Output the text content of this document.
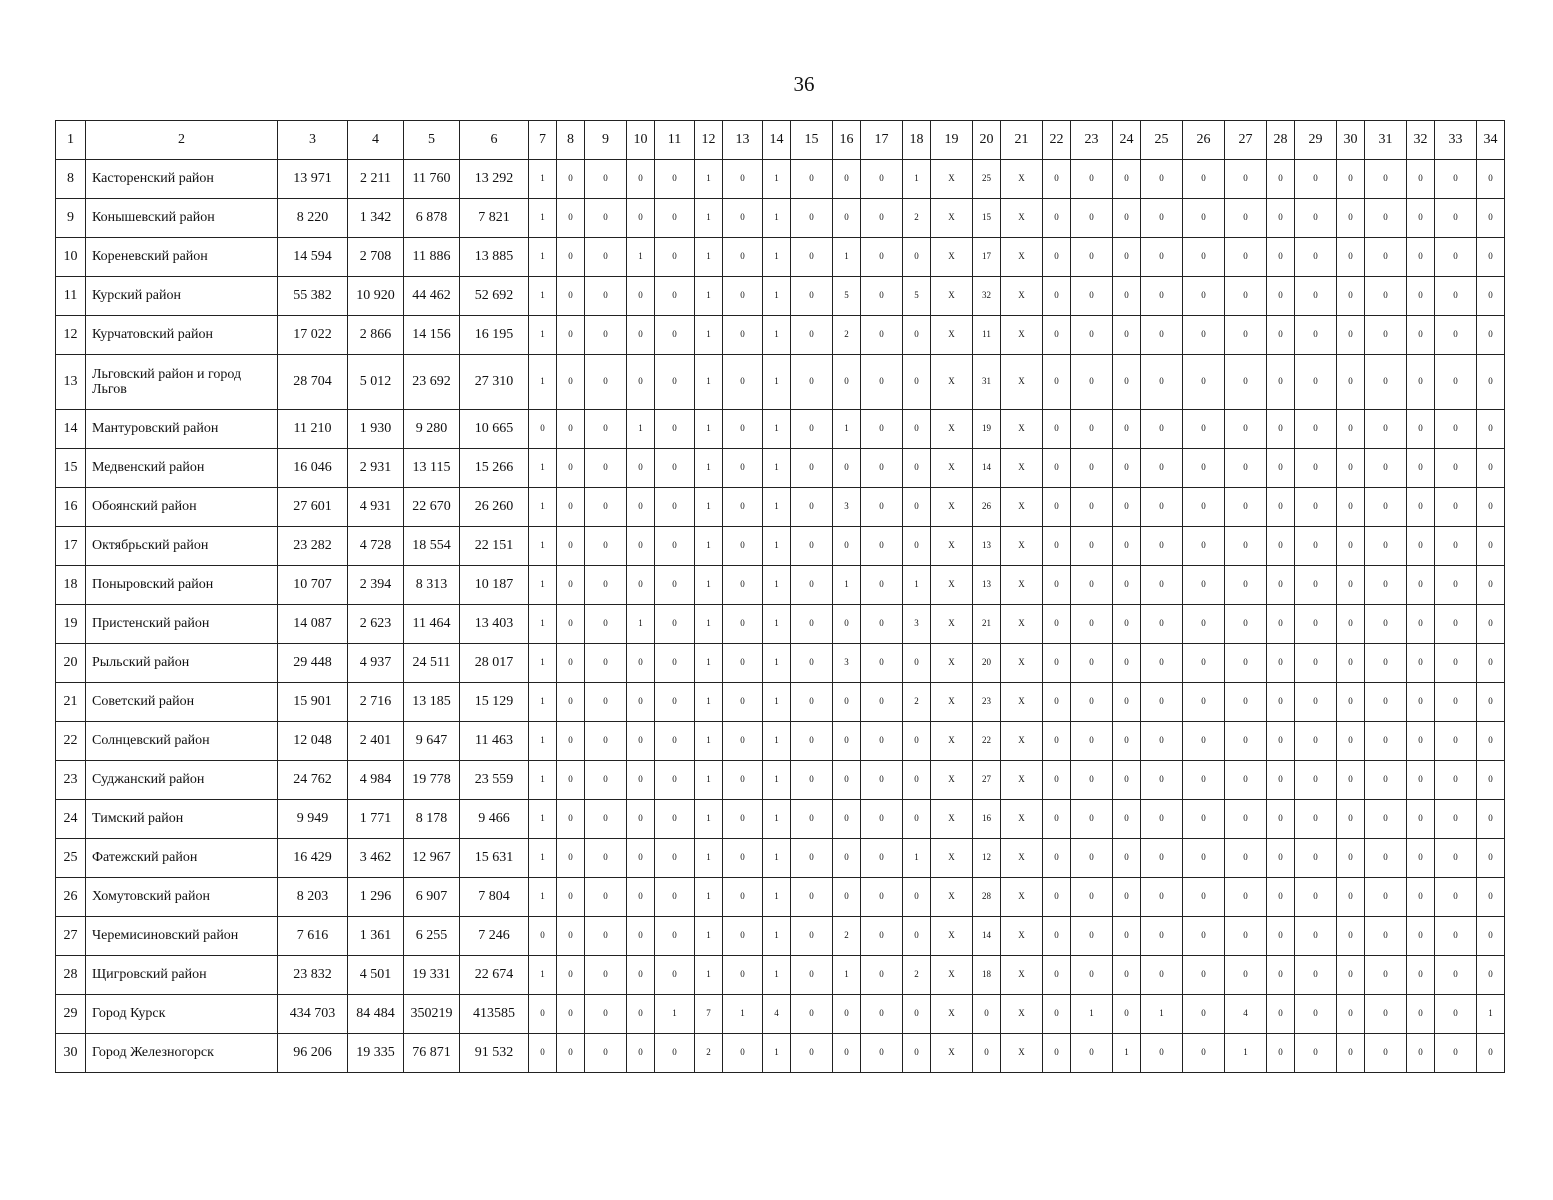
36
1	2	3	4	5	6	7	8	9	10	11	12	13	14	15	16	17	18	19	20	21	22	23	24	25	26	27	28	29	30	31	32	33	34
8	Касторенский район	13 971	2 211	11 760	13 292	1	0	0	0	0	1	0	1	0	0	0	1	X	25	X	0	0	0	0	0	0	0	0	0	0	0	0	0
9	Конышевский район	8 220	1 342	6 878	7 821	1	0	0	0	0	1	0	1	0	0	0	2	X	15	X	0	0	0	0	0	0	0	0	0	0	0	0	0
10	Кореневский район	14 594	2 708	11 886	13 885	1	0	0	1	0	1	0	1	0	1	0	0	X	17	X	0	0	0	0	0	0	0	0	0	0	0	0	0
11	Курский район	55 382	10 920	44 462	52 692	1	0	0	0	0	1	0	1	0	5	0	5	X	32	X	0	0	0	0	0	0	0	0	0	0	0	0	0
12	Курчатовский район	17 022	2 866	14 156	16 195	1	0	0	0	0	1	0	1	0	2	0	0	X	11	X	0	0	0	0	0	0	0	0	0	0	0	0	0
13	Льговский район и город Льгов	28 704	5 012	23 692	27 310	1	0	0	0	0	1	0	1	0	0	0	0	X	31	X	0	0	0	0	0	0	0	0	0	0	0	0	0
14	Мантуровский район	11 210	1 930	9 280	10 665	0	0	0	1	0	1	0	1	0	1	0	0	X	19	X	0	0	0	0	0	0	0	0	0	0	0	0	0
15	Медвенский район	16 046	2 931	13 115	15 266	1	0	0	0	0	1	0	1	0	0	0	0	X	14	X	0	0	0	0	0	0	0	0	0	0	0	0	0
16	Обоянский район	27 601	4 931	22 670	26 260	1	0	0	0	0	1	0	1	0	3	0	0	X	26	X	0	0	0	0	0	0	0	0	0	0	0	0	0
17	Октябрьский район	23 282	4 728	18 554	22 151	1	0	0	0	0	1	0	1	0	0	0	0	X	13	X	0	0	0	0	0	0	0	0	0	0	0	0	0
18	Поныровский район	10 707	2 394	8 313	10 187	1	0	0	0	0	1	0	1	0	1	0	1	X	13	X	0	0	0	0	0	0	0	0	0	0	0	0	0
19	Пристенский район	14 087	2 623	11 464	13 403	1	0	0	1	0	1	0	1	0	0	0	3	X	21	X	0	0	0	0	0	0	0	0	0	0	0	0	0
20	Рыльский район	29 448	4 937	24 511	28 017	1	0	0	0	0	1	0	1	0	3	0	0	X	20	X	0	0	0	0	0	0	0	0	0	0	0	0	0
21	Советский район	15 901	2 716	13 185	15 129	1	0	0	0	0	1	0	1	0	0	0	2	X	23	X	0	0	0	0	0	0	0	0	0	0	0	0	0
22	Солнцевский район	12 048	2 401	9 647	11 463	1	0	0	0	0	1	0	1	0	0	0	0	X	22	X	0	0	0	0	0	0	0	0	0	0	0	0	0
23	Суджанский район	24 762	4 984	19 778	23 559	1	0	0	0	0	1	0	1	0	0	0	0	X	27	X	0	0	0	0	0	0	0	0	0	0	0	0	0
24	Тимский район	9 949	1 771	8 178	9 466	1	0	0	0	0	1	0	1	0	0	0	0	X	16	X	0	0	0	0	0	0	0	0	0	0	0	0	0
25	Фатежский район	16 429	3 462	12 967	15 631	1	0	0	0	0	1	0	1	0	0	0	1	X	12	X	0	0	0	0	0	0	0	0	0	0	0	0	0
26	Хомутовский район	8 203	1 296	6 907	7 804	1	0	0	0	0	1	0	1	0	0	0	0	X	28	X	0	0	0	0	0	0	0	0	0	0	0	0	0
27	Черемисиновский район	7 616	1 361	6 255	7 246	0	0	0	0	0	1	0	1	0	2	0	0	X	14	X	0	0	0	0	0	0	0	0	0	0	0	0	0
28	Щигровский район	23 832	4 501	19 331	22 674	1	0	0	0	0	1	0	1	0	1	0	2	X	18	X	0	0	0	0	0	0	0	0	0	0	0	0	0
29	Город Курск	434 703	84 484	350219	413585	0	0	0	0	1	7	1	4	0	0	0	0	X	0	X	0	1	0	1	0	4	0	0	0	0	0	0	1
30	Город Железногорск	96 206	19 335	76 871	91 532	0	0	0	0	0	2	0	1	0	0	0	0	X	0	X	0	0	1	0	0	1	0	0	0	0	0	0	0
